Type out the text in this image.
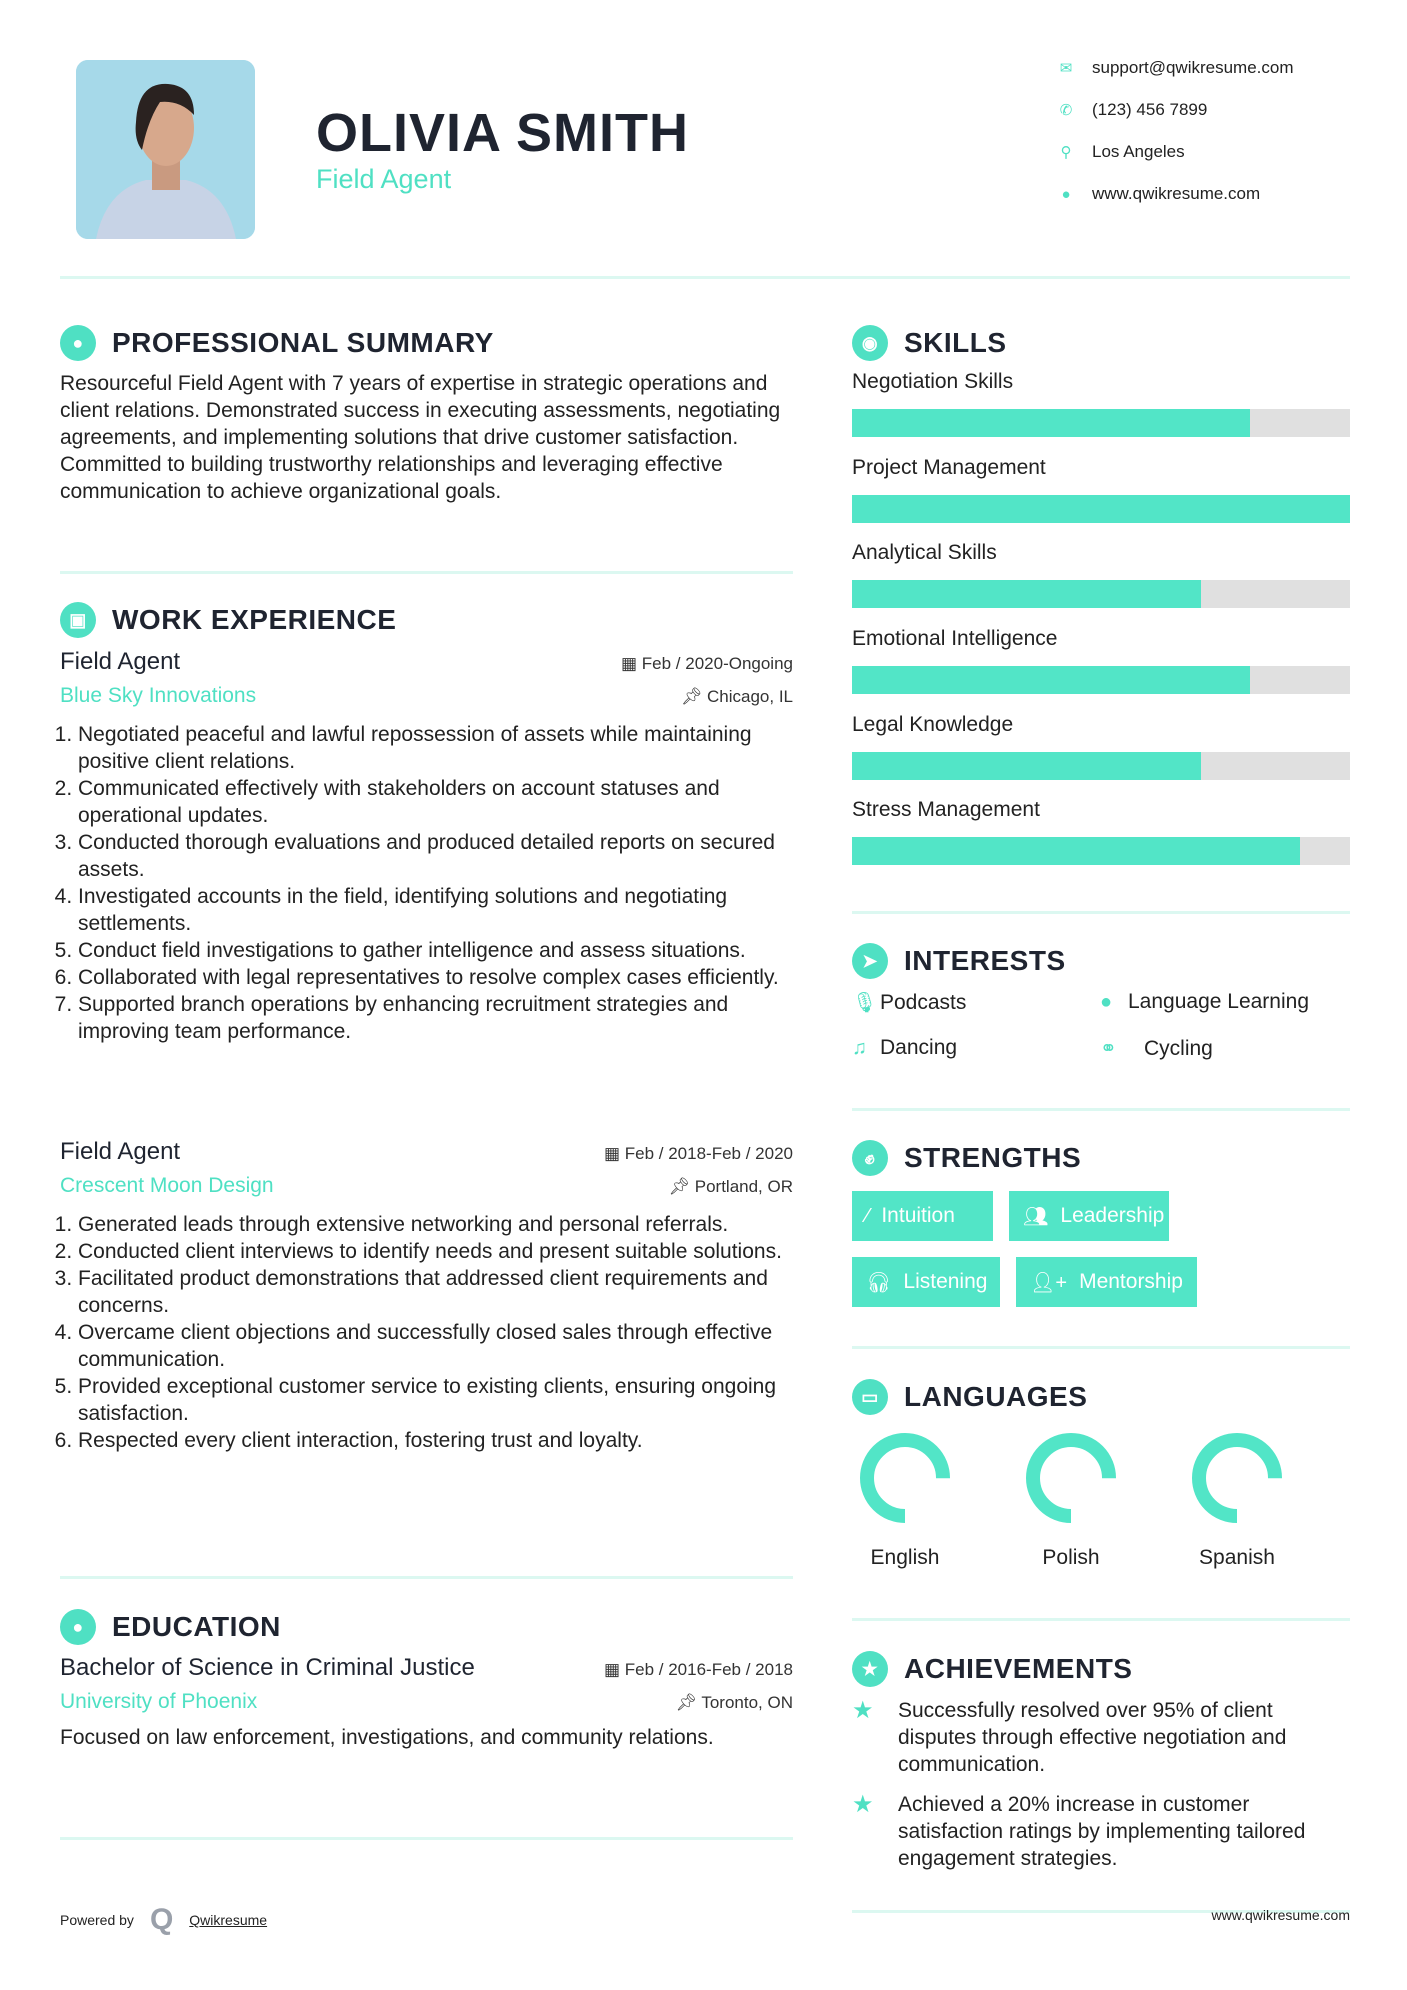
OLIVIA SMITH
Field Agent
✉ support@qwikresume.com
✆ (123) 456 7899
⚲ Los Angeles
●	www.qwikresume.com
●	PROFESSIONAL SUMMARY
Resourceful Field Agent with 7 years of expertise in strategic operations and client relations. Demonstrated success in executing assessments, negotiating agreements, and implementing solutions that drive customer satisfaction. Committed to building trustworthy relationships and leveraging effective communication to achieve organizational goals.
▣ WORK EXPERIENCE
Field Agent	▦ Feb / 2020-Ongoing
Blue Sky Innovations	📌︎ Chicago, IL
1. Negotiated peaceful and lawful repossession of assets while maintaining positive client relations.
2. Communicated effectively with stakeholders on account statuses and operational updates.
3. Conducted thorough evaluations and produced detailed reports on secured assets.
4. Investigated accounts in the field, identifying solutions and negotiating settlements.
5. Conduct field investigations to gather intelligence and assess situations.
6. Collaborated with legal representatives to resolve complex cases efficiently.
7. Supported branch operations by enhancing recruitment strategies and improving team performance.
Field Agent	▦ Feb / 2018-Feb / 2020
Crescent Moon Design	📌︎ Portland, OR
1. Generated leads through extensive networking and personal referrals.
2. Conducted client interviews to identify needs and present suitable solutions.
3. Facilitated product demonstrations that addressed client requirements and concerns.
4. Overcame client objections and successfully closed sales through effective communication.
5. Provided exceptional customer service to existing clients, ensuring ongoing satisfaction.
6. Respected every client interaction, fostering trust and loyalty.
●	EDUCATION
Bachelor of Science in Criminal Justice	▦ Feb / 2016-Feb / 2018
University of Phoenix	📌︎ Toronto, ON
Focused on law enforcement, investigations, and community relations.
◉ SKILLS
Negotiation Skills
Project Management
Analytical Skills
Emotional Intelligence
Legal Knowledge
Stress Management
➤ INTERESTS
🎙︎ Podcasts	● Language Learning
♫ Dancing	⚭	Cycling
✊︎	STRENGTHS
⁄ Intuition	👥︎ Leadership
🎧︎ Listening 👤︎+ Mentorship
▭ LANGUAGES
English	Polish	Spanish
★ ACHIEVEMENTS
★	Successfully resolved over 95% of client disputes through effective negotiation and communication.
★	Achieved a 20% increase in customer satisfaction ratings by implementing tailored engagement strategies.
Powered by Q Qwikresume	www.qwikresume.com
